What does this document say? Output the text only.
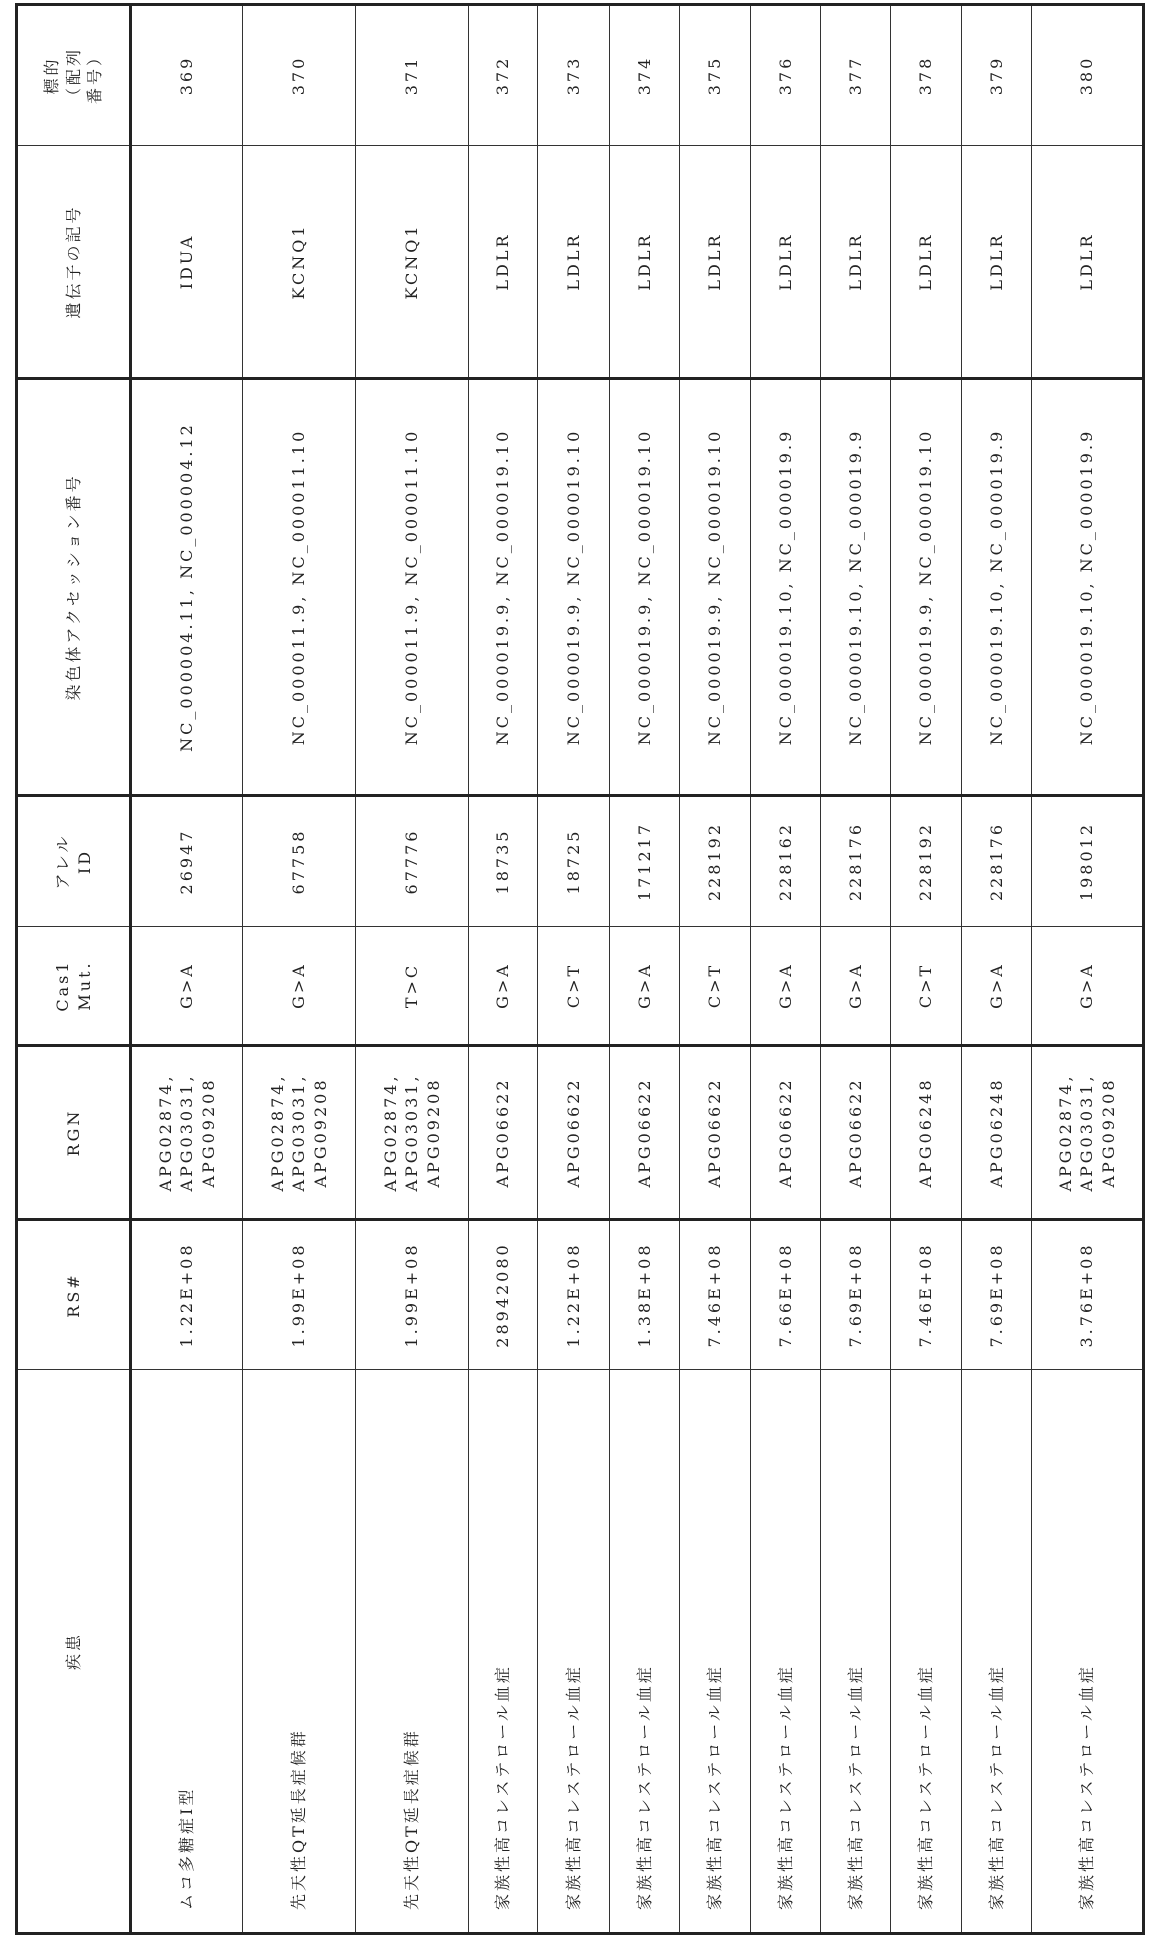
疾患	RS#	RGN	Cas1
Mut.	アレル
ID	染色体アクセッション番号	遺伝子の記号	標的
（配列
番号）
ムコ多糖症Ⅰ型	1.22E+08	APG02874,
APG03031,
APG09208	G>A	26947	NC_000004.11, NC_000004.12	IDUA	369
先天性QT延長症候群	1.99E+08	APG02874,
APG03031,
APG09208	G>A	67758	NC_000011.9, NC_000011.10	KCNQ1	370
先天性QT延長症候群	1.99E+08	APG02874,
APG03031,
APG09208	T>C	67776	NC_000011.9, NC_000011.10	KCNQ1	371
家族性高コレステロール血症	28942080	APG06622	G>A	18735	NC_000019.9, NC_000019.10	LDLR	372
家族性高コレステロール血症	1.22E+08	APG06622	C>T	18725	NC_000019.9, NC_000019.10	LDLR	373
家族性高コレステロール血症	1.38E+08	APG06622	G>A	171217	NC_000019.9, NC_000019.10	LDLR	374
家族性高コレステロール血症	7.46E+08	APG06622	C>T	228192	NC_000019.9, NC_000019.10	LDLR	375
家族性高コレステロール血症	7.66E+08	APG06622	G>A	228162	NC_000019.10, NC_000019.9	LDLR	376
家族性高コレステロール血症	7.69E+08	APG06622	G>A	228176	NC_000019.10, NC_000019.9	LDLR	377
家族性高コレステロール血症	7.46E+08	APG06248	C>T	228192	NC_000019.9, NC_000019.10	LDLR	378
家族性高コレステロール血症	7.69E+08	APG06248	G>A	228176	NC_000019.10, NC_000019.9	LDLR	379
家族性高コレステロール血症	3.76E+08	APG02874,
APG03031,
APG09208	G>A	198012	NC_000019.10, NC_000019.9	LDLR	380
